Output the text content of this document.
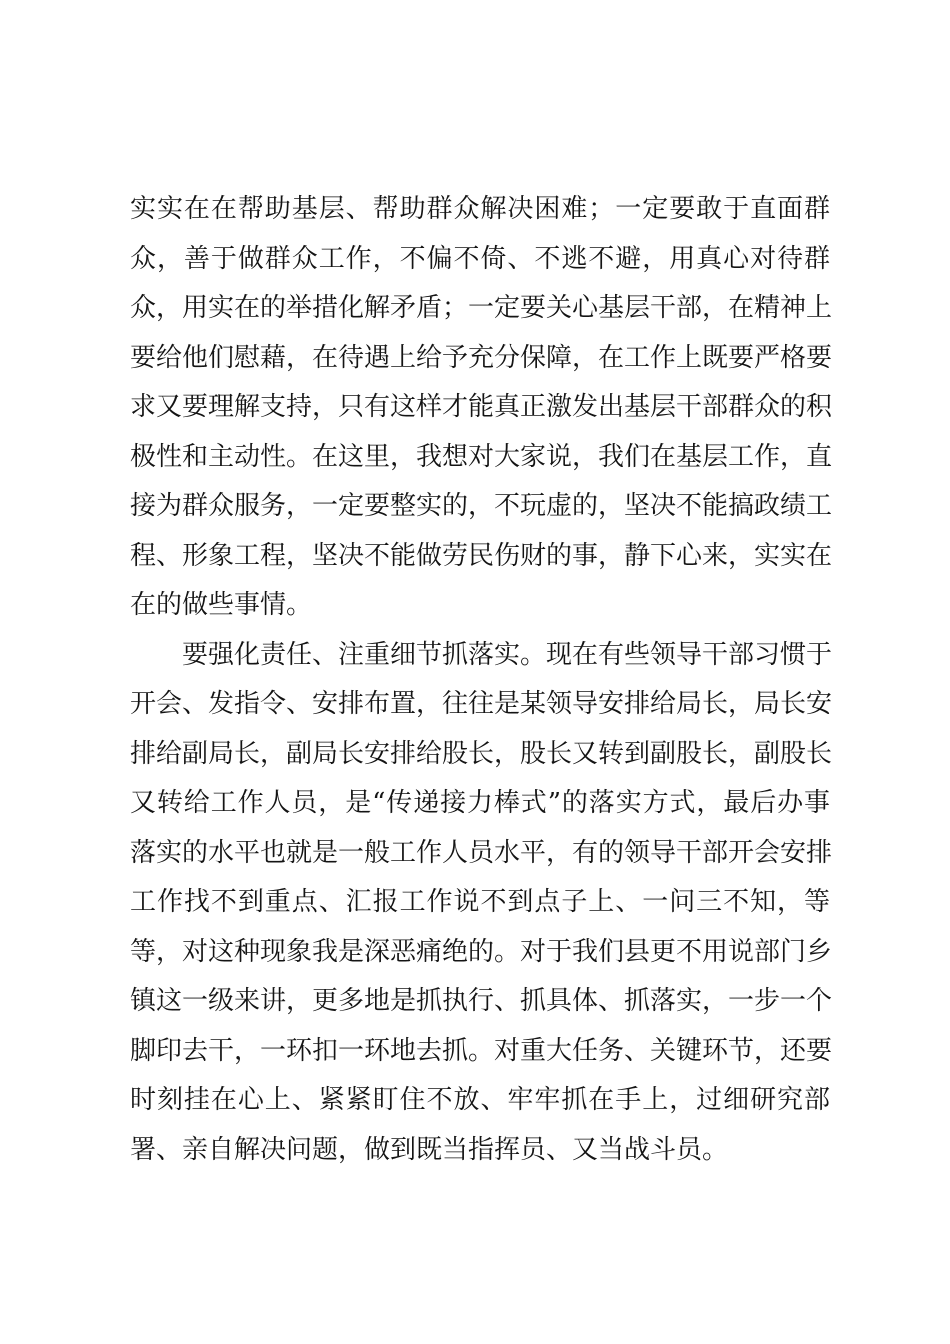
实实在在帮助基层、帮助群众解决困难；一定要敢于直面群
众，善于做群众工作，不偏不倚、不逃不避，用真心对待群
众，用实在的举措化解矛盾；一定要关心基层干部，在精神上
要给他们慰藉，在待遇上给予充分保障，在工作上既要严格要
求又要理解支持，只有这样才能真正激发出基层干部群众的积
极性和主动性。在这里，我想对大家说，我们在基层工作，直
接为群众服务，一定要整实的，不玩虚的，坚决不能搞政绩工
程、形象工程，坚决不能做劳民伤财的事，静下心来，实实在
在的做些事情。

要强化责任、注重细节抓落实。现在有些领导干部习惯于
开会、发指令、安排布置，往往是某领导安排给局长，局长安
排给副局长，副局长安排给股长，股长又转到副股长，副股长
又转给工作人员，是“传递接力棒式”的落实方式，最后办事
落实的水平也就是一般工作人员水平，有的领导干部开会安排
工作找不到重点、汇报工作说不到点子上、一问三不知，等
等，对这种现象我是深恶痛绝的。对于我们县更不用说部门乡
镇这一级来讲，更多地是抓执行、抓具体、抓落实，一步一个
脚印去干，一环扣一环地去抓。对重大任务、关键环节，还要
时刻挂在心上、紧紧盯住不放、牢牢抓在手上，过细研究部
署、亲自解决问题，做到既当指挥员、又当战斗员。
